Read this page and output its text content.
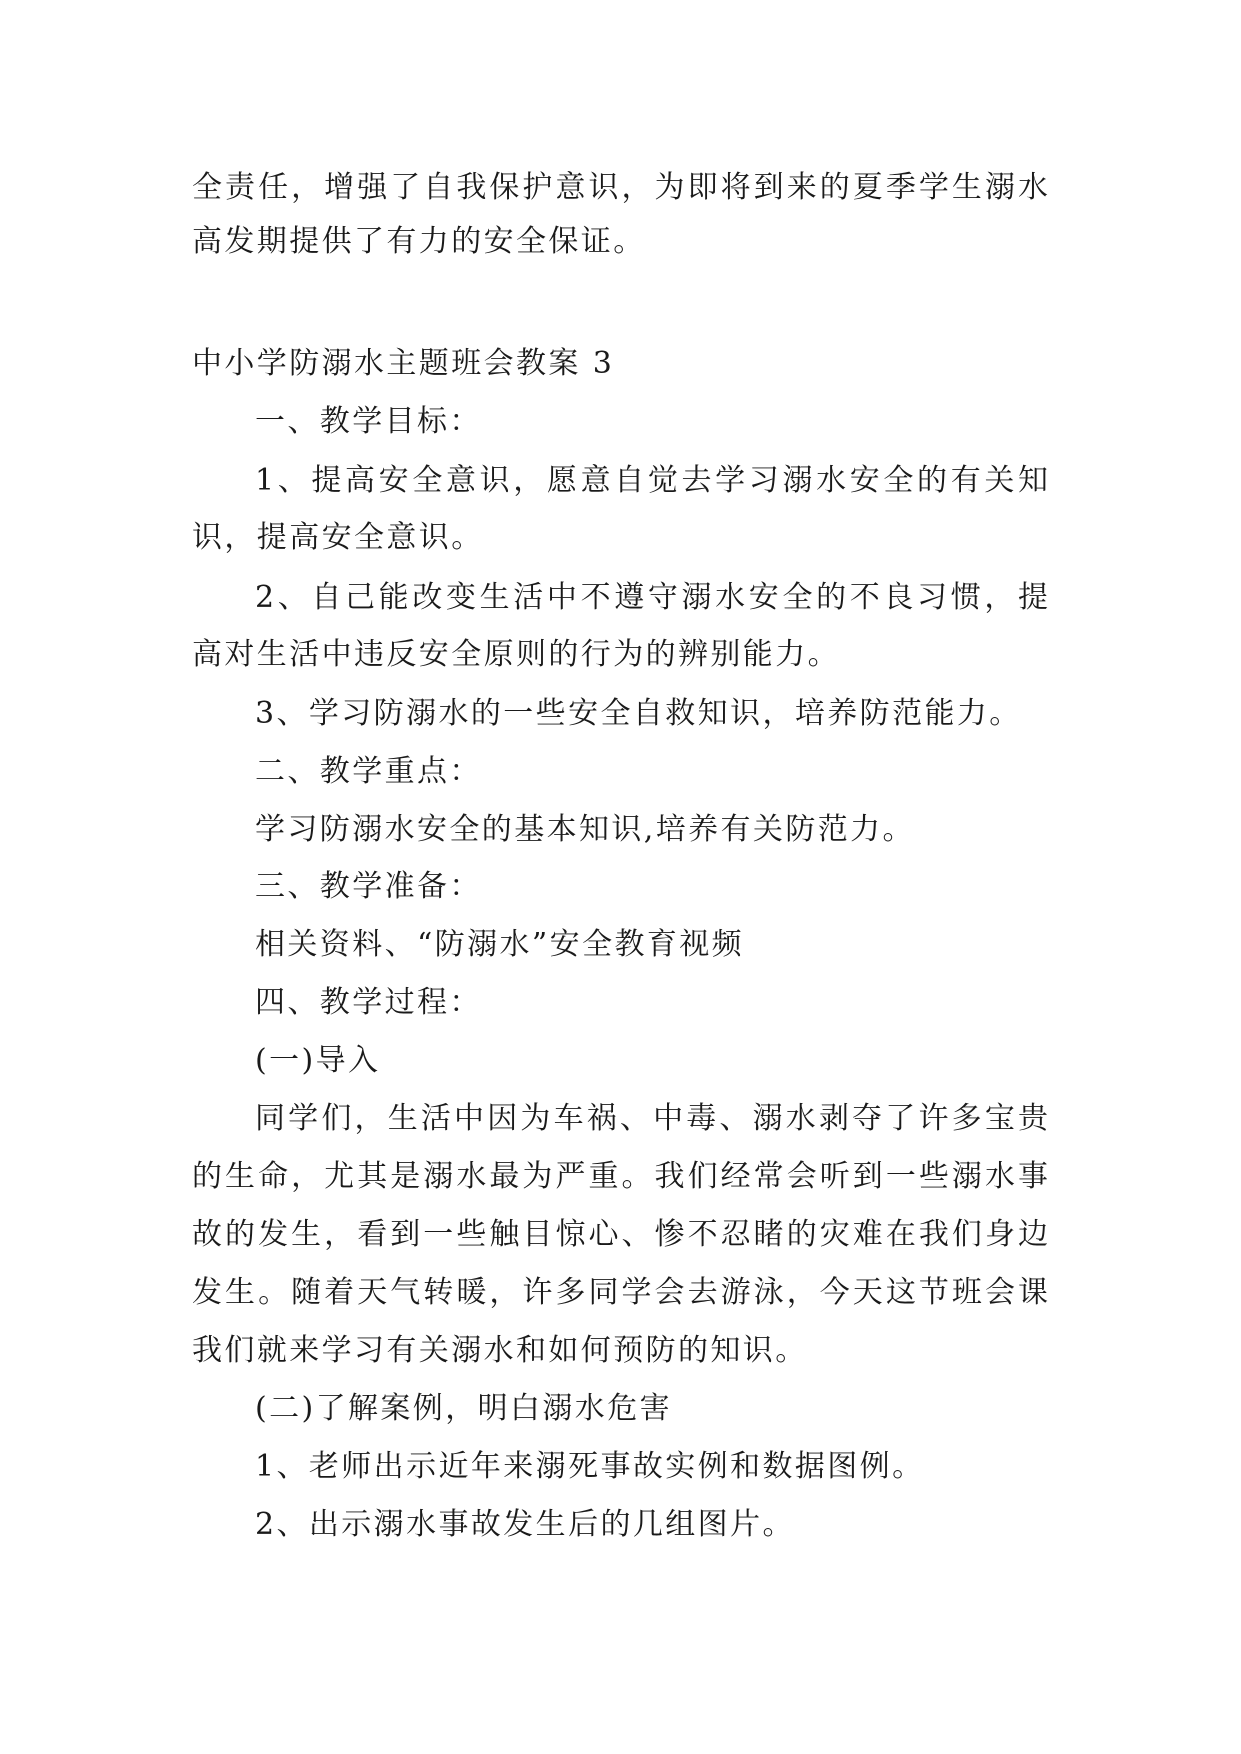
全责任，增强了自我保护意识，为即将到来的夏季学生溺水
高发期提供了有力的安全保证。
中小学防溺水主题班会教案 3
一、教学目标：
1、提高安全意识，愿意自觉去学习溺水安全的有关知
识，提高安全意识。
2、自己能改变生活中不遵守溺水安全的不良习惯，提
高对生活中违反安全原则的行为的辨别能力。
3、学习防溺水的一些安全自救知识，培养防范能力。
二、教学重点：
学习防溺水安全的基本知识,培养有关防范力。
三、教学准备：
相关资料、“防溺水”安全教育视频
四、教学过程：
(一)导入
同学们，生活中因为车祸、中毒、溺水剥夺了许多宝贵
的生命，尤其是溺水最为严重。我们经常会听到一些溺水事
故的发生，看到一些触目惊心、惨不忍睹的灾难在我们身边
发生。随着天气转暖，许多同学会去游泳，今天这节班会课
我们就来学习有关溺水和如何预防的知识。
(二)了解案例，明白溺水危害
1、老师出示近年来溺死事故实例和数据图例。
2、出示溺水事故发生后的几组图片。
